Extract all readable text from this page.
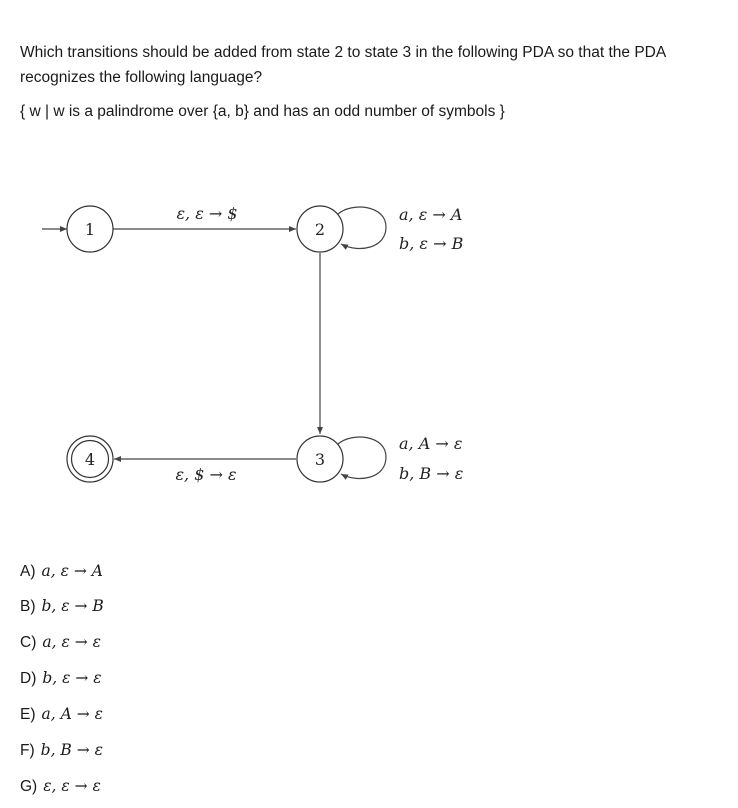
Which transitions should be added from state 2 to state 3 in the following PDA so that the PDA recognizes the following language?

{ w | w is a palindrome over {a, b} and has an odd number of symbols }

1	2
3
4
ε, ε → $
ε, $ → ε
a, ε → A
b, ε → B
a, A → ε
b, B → ε
A) a, ε → A
B) b, ε → B
C) a, ε → ε
D) b, ε → ε
E) a, A → ε
F) b, B → ε
G) ε, ε → ε
